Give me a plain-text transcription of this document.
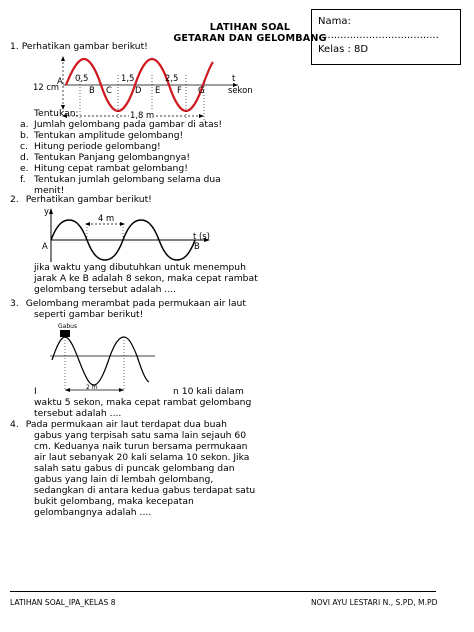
LATIHAN SOAL
GETARAN DAN GELOMBANG
Nama:
......................................
Kelas : 8D
1. Perhatikan gambar berikut!
12 cm
t
sekon
A
B C	D E F G
0,5	1,5	2,5
1,8 m
Tentukan:
a. Jumlah gelombang pada gambar di atas!
b. Tentukan amplitude gelombang!
c. Hitung periode gelombang!
d. Tentukan Panjang gelombangnya!
e. Hitung cepat rambat gelombang!
f. Tentukan jumlah gelombang selama dua
menit!
2. Perhatikan gambar berikut!
y
4 m
A	B
t (s)
jika waktu yang dibutuhkan untuk menempuh
jarak A ke B adalah 8 sekon, maka cepat rambat
gelombang tersebut adalah ....
3. Gelombang merambat pada permukaan air laut
seperti gambar berikut!
Gabus
2 m
I	n 10 kali dalam
waktu 5 sekon, maka cepat rambat gelombang
tersebut adalah ....
4. Pada permukaan air laut terdapat dua buah
gabus yang terpisah satu sama lain sejauh 60
cm. Keduanya naik turun bersama permukaan
air laut sebanyak 20 kali selama 10 sekon. Jika
salah satu gabus di puncak gelombang dan
gabus yang lain di lembah gelombang,
sedangkan di antara kedua gabus terdapat satu
bukit gelombang, maka kecepatan
gelombangnya adalah ....
LATIHAN SOAL_IPA_KELAS 8	NOVI AYU LESTARI N., S.PD, M.PD
